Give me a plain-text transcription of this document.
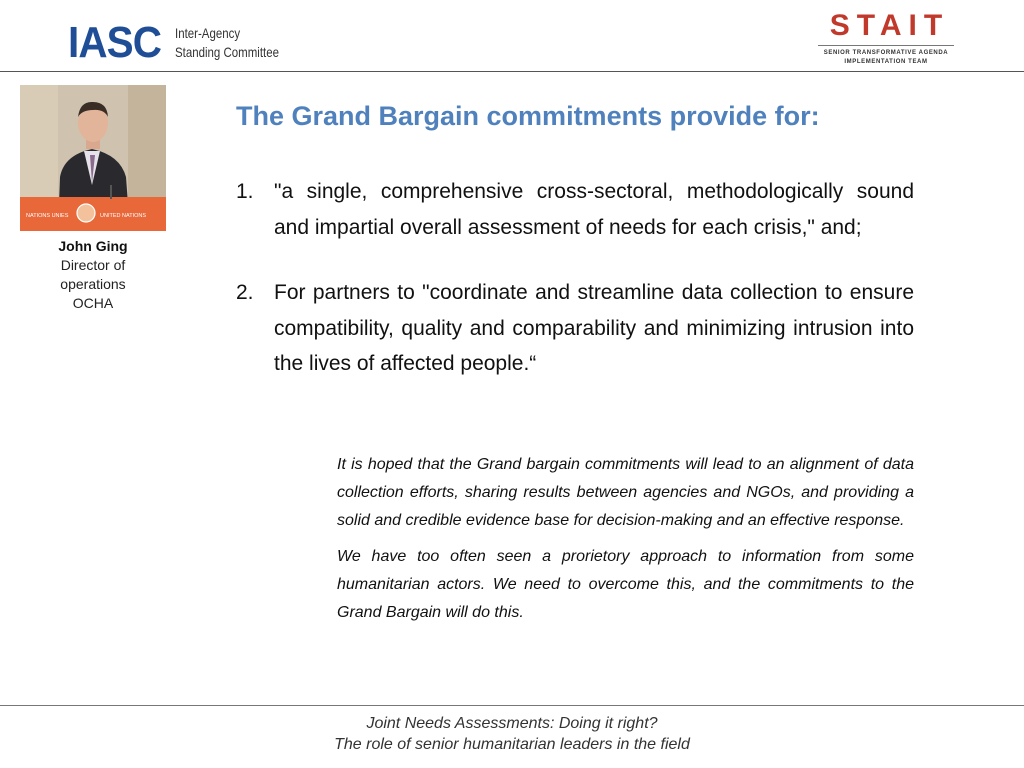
IASC Inter-Agency
Standing Committee
STAIT
SENIOR TRANSFORMATIVE AGENDA
IMPLEMENTATION TEAM
NATIONS UNIES	UNITED NATIONS
John Ging
Director of
operations
OCHA
The Grand Bargain commitments provide for:
1. "a single, comprehensive cross-sectoral, methodologically sound and impartial overall assessment of needs for each crisis," and;
2. For partners to "coordinate and streamline data collection to ensure compatibility, quality and comparability and minimizing intrusion into the lives of affected people.“

It is hoped that the Grand bargain commitments will lead to an alignment of data collection efforts, sharing results between agencies and NGOs, and providing a solid and credible evidence base for decision-making and an effective response.

We have too often seen a prorietory approach to information from some humanitarian actors. We need to overcome this, and the commitments to the Grand Bargain will do this.

Joint Needs Assessments: Doing it right?
The role of senior humanitarian leaders in the field
